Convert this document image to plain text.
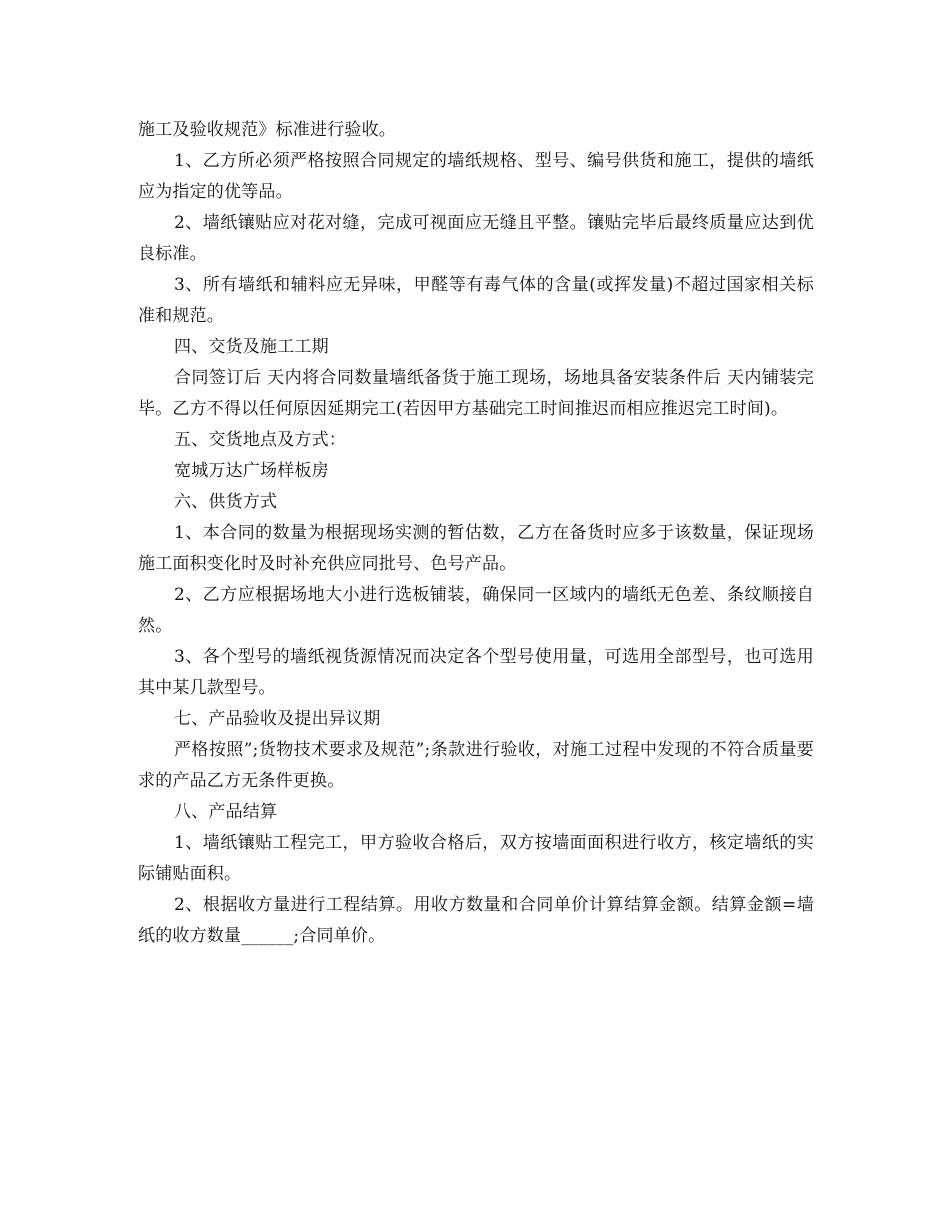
施工及验收规范》标准进行验收。

1、乙方所必须严格按照合同规定的墙纸规格、型号、编号供货和施工，提供的墙纸应为指定的优等品。

2、墙纸镶贴应对花对缝，完成可视面应无缝且平整。镶贴完毕后最终质量应达到优良标准。

3、所有墙纸和辅料应无异味，甲醛等有毒气体的含量(或挥发量)不超过国家相关标准和规范。

四、交货及施工工期

合同签订后 天内将合同数量墙纸备货于施工现场，场地具备安装条件后 天内铺装完毕。乙方不得以任何原因延期完工(若因甲方基础完工时间推迟而相应推迟完工时间)。

五、交货地点及方式：

宽城万达广场样板房

六、供货方式

1、本合同的数量为根据现场实测的暂估数，乙方在备货时应多于该数量，保证现场施工面积变化时及时补充供应同批号、色号产品。

2、乙方应根据场地大小进行选板铺装，确保同一区域内的墙纸无色差、条纹顺接自然。

3、各个型号的墙纸视货源情况而决定各个型号使用量，可选用全部型号，也可选用其中某几款型号。

七、产品验收及提出异议期

严格按照”;货物技术要求及规范”;条款进行验收，对施工过程中发现的不符合质量要求的产品乙方无条件更换。

八、产品结算

1、墙纸镶贴工程完工，甲方验收合格后，双方按墙面面积进行收方，核定墙纸的实际铺贴面积。

2、根据收方量进行工程结算。用收方数量和合同单价计算结算金额。结算金额=墙纸的收方数量______;合同单价。
